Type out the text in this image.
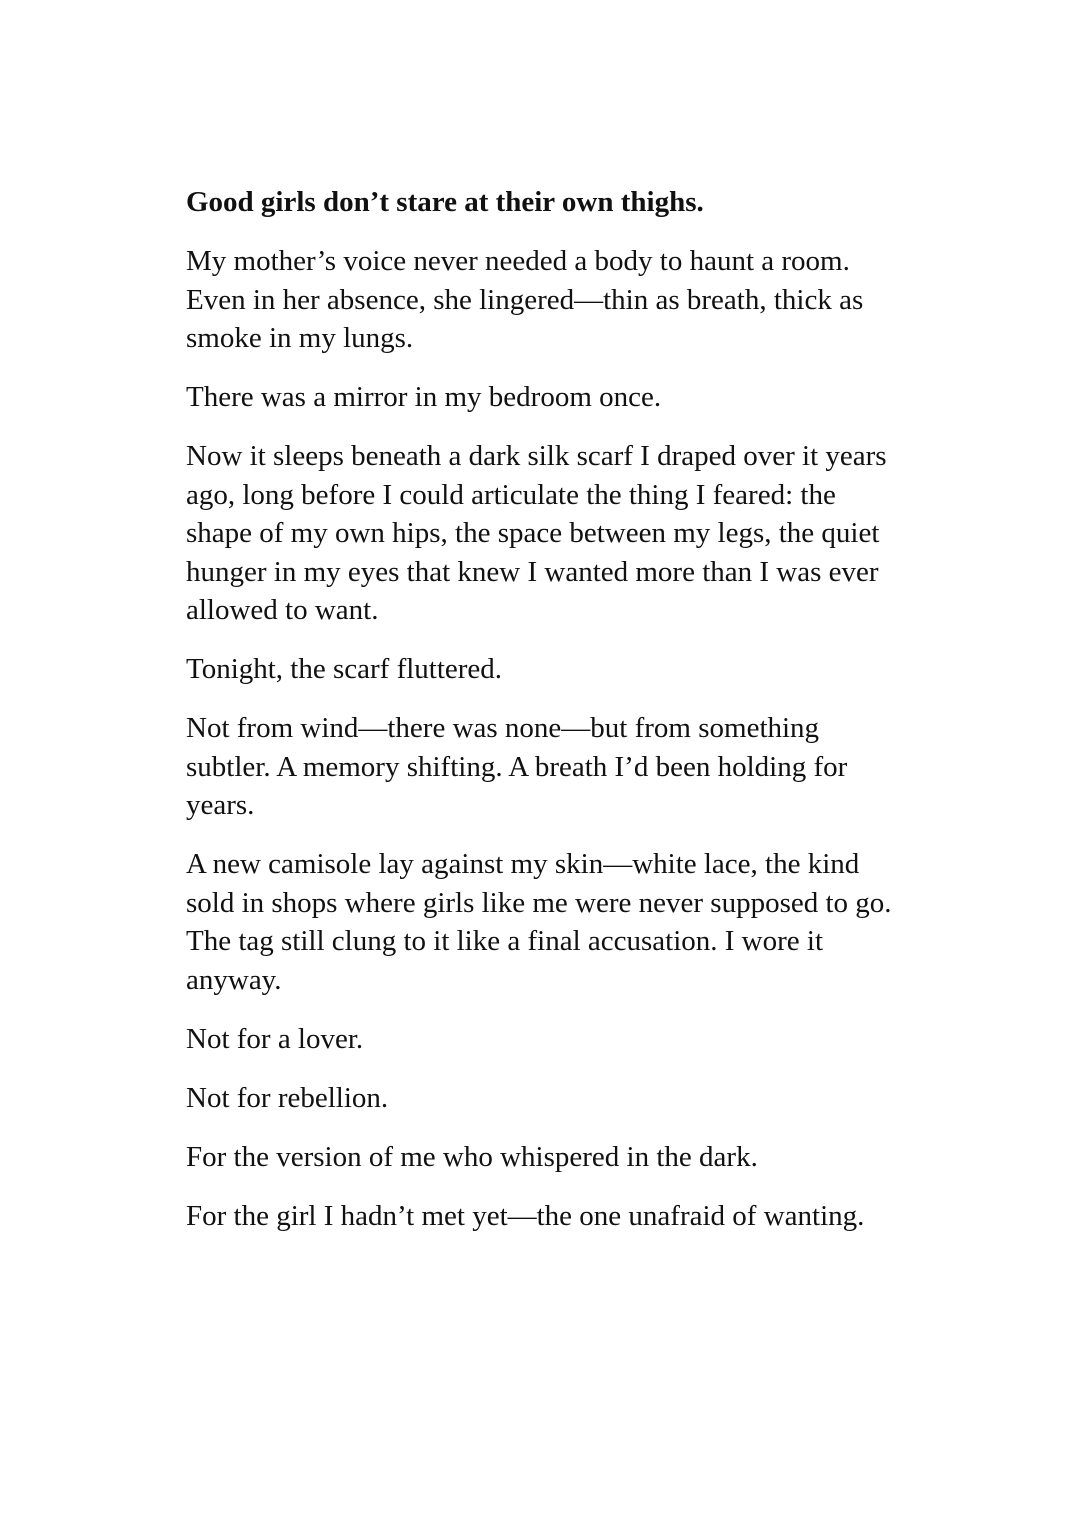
Good girls don’t stare at their own thighs.

My mother’s voice never needed a body to haunt a room. Even in her absence, she lingered—thin as breath, thick as smoke in my lungs.

There was a mirror in my bedroom once.

Now it sleeps beneath a dark silk scarf I draped over it years ago, long before I could articulate the thing I feared: the shape of my own hips, the space between my legs, the quiet hunger in my eyes that knew I wanted more than I was ever allowed to want.

Tonight, the scarf fluttered.

Not from wind—there was none—but from something subtler. A memory shifting. A breath I’d been holding for years.

A new camisole lay against my skin—white lace, the kind sold in shops where girls like me were never supposed to go. The tag still clung to it like a final accusation. I wore it anyway.

Not for a lover.

Not for rebellion.

For the version of me who whispered in the dark.

For the girl I hadn’t met yet—the one unafraid of wanting.
